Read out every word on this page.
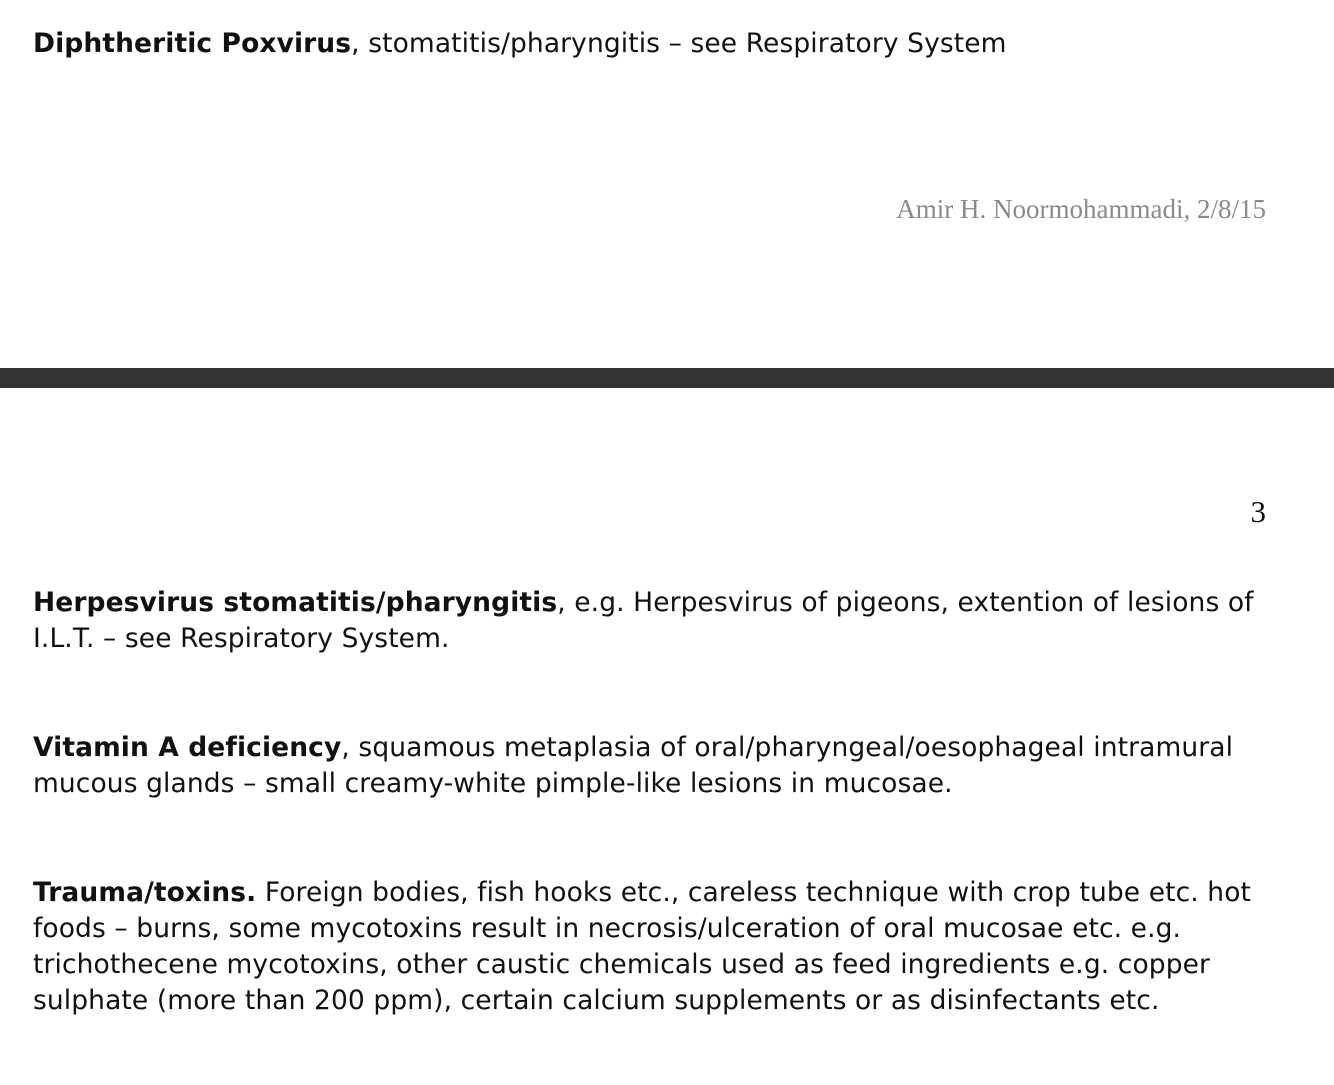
Diphtheritic Poxvirus, stomatitis/pharyngitis – see Respiratory System

Amir H. Noormohammadi, 2/8/15
3

Herpesvirus stomatitis/pharyngitis, e.g. Herpesvirus of pigeons, extention of lesions of I.L.T. – see Respiratory System.

Vitamin A deficiency, squamous metaplasia of oral/pharyngeal/oesophageal intramural mucous glands – small creamy-white pimple-like lesions in mucosae.

Trauma/toxins. Foreign bodies, fish hooks etc., careless technique with crop tube etc. hot foods – burns, some mycotoxins result in necrosis/ulceration of oral mucosae etc. e.g. trichothecene mycotoxins, other caustic chemicals used as feed ingredients e.g. copper sulphate (more than 200 ppm), certain calcium supplements or as disinfectants etc.
